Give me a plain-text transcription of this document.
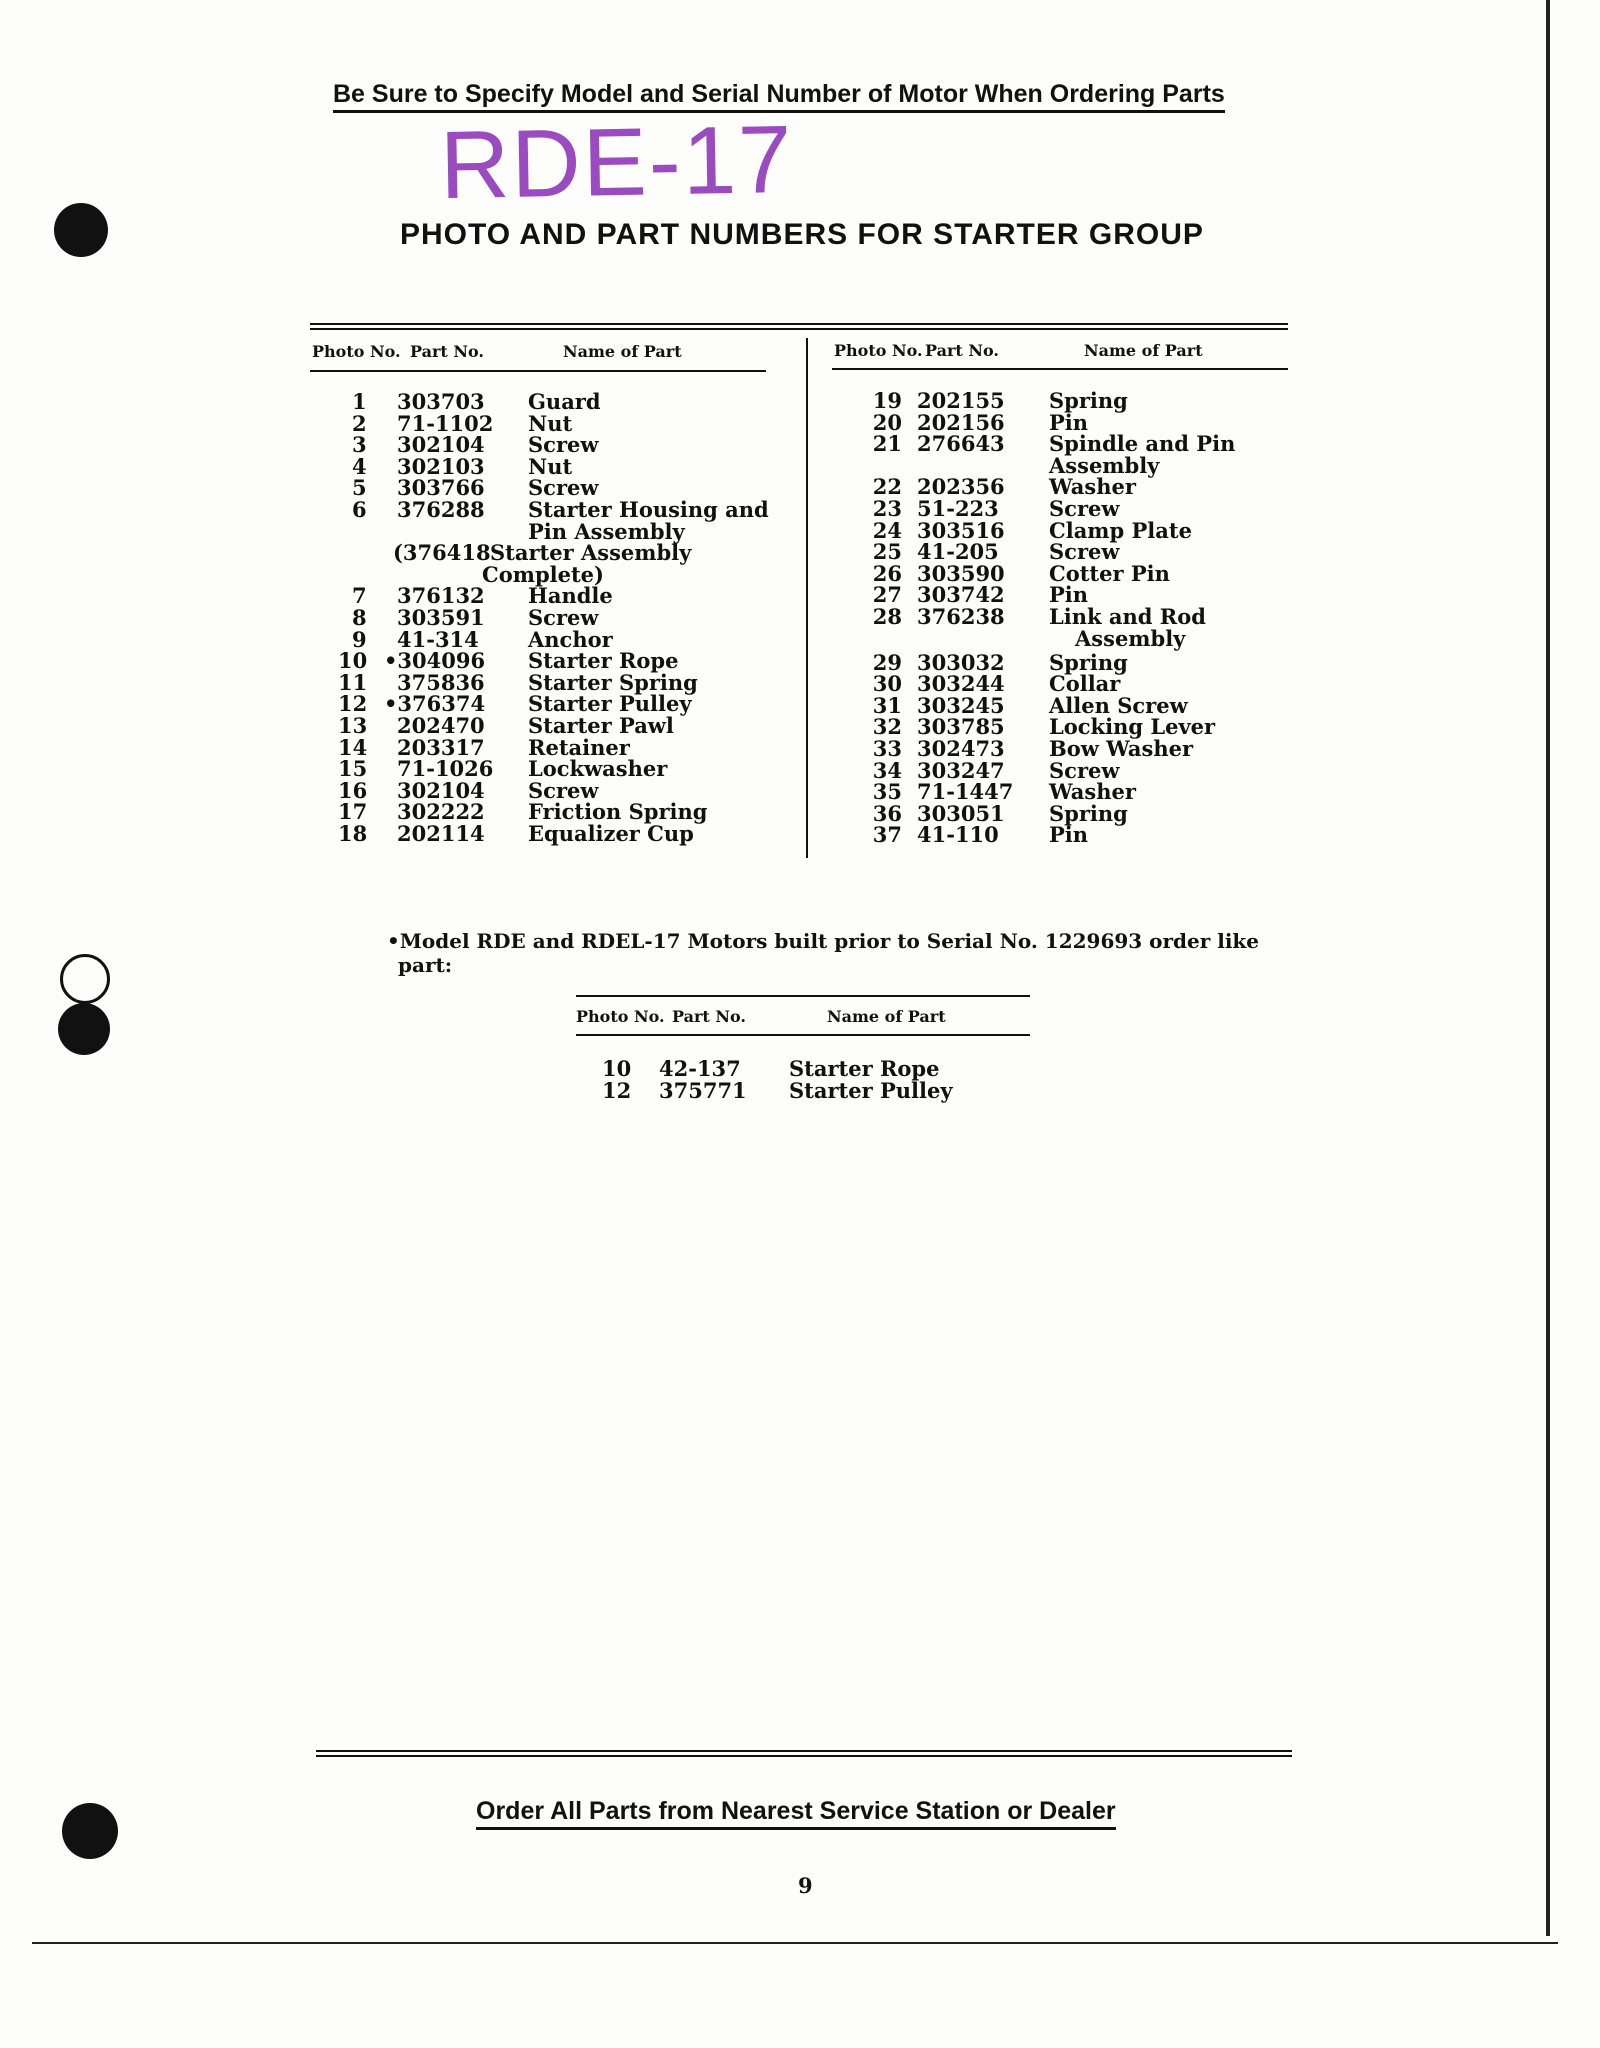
Be Sure to Specify Model and Serial Number of Motor When Ordering Parts
RDE-17
PHOTO AND PART NUMBERS FOR STARTER GROUP
Photo No. Part No.	Name of Part	Photo No. Part No.	Name of Part
1 303703 Guard
2 71-1102 Nut
3 302104 Screw
4 302103 Nut
5 303766 Screw
6 376288 Starter Housing and
Pin Assembly
(376418 Starter Assembly
Complete)
7 376132 Handle
8 303591 Screw
9 41-314 Anchor
10 •304096 Starter Rope
11 375836 Starter Spring
12 •376374 Starter Pulley
13 202470 Starter Pawl
14 203317 Retainer
15 71-1026 Lockwasher
16 302104 Screw
17 302222 Friction Spring
18 202114 Equalizer Cup
19 202155 Spring
20 202156 Pin
21 276643 Spindle and Pin
Assembly
22 202356 Washer
23 51-223 Screw
24 303516 Clamp Plate
25 41-205 Screw
26 303590 Cotter Pin
27 303742 Pin
28 376238 Link and Rod
Assembly
29 303032 Spring
30 303244 Collar
31 303245 Allen Screw
32 303785 Locking Lever
33 302473 Bow Washer
34 303247 Screw
35 71-1447 Washer
36 303051 Spring
37 41-110 Pin
•Model RDE and RDEL-17 Motors built prior to Serial No. 1229693 order like
part:
Photo No. Part No.	Name of Part
10 42-137 Starter Rope
12 375771 Starter Pulley
Order All Parts from Nearest Service Station or Dealer
9
